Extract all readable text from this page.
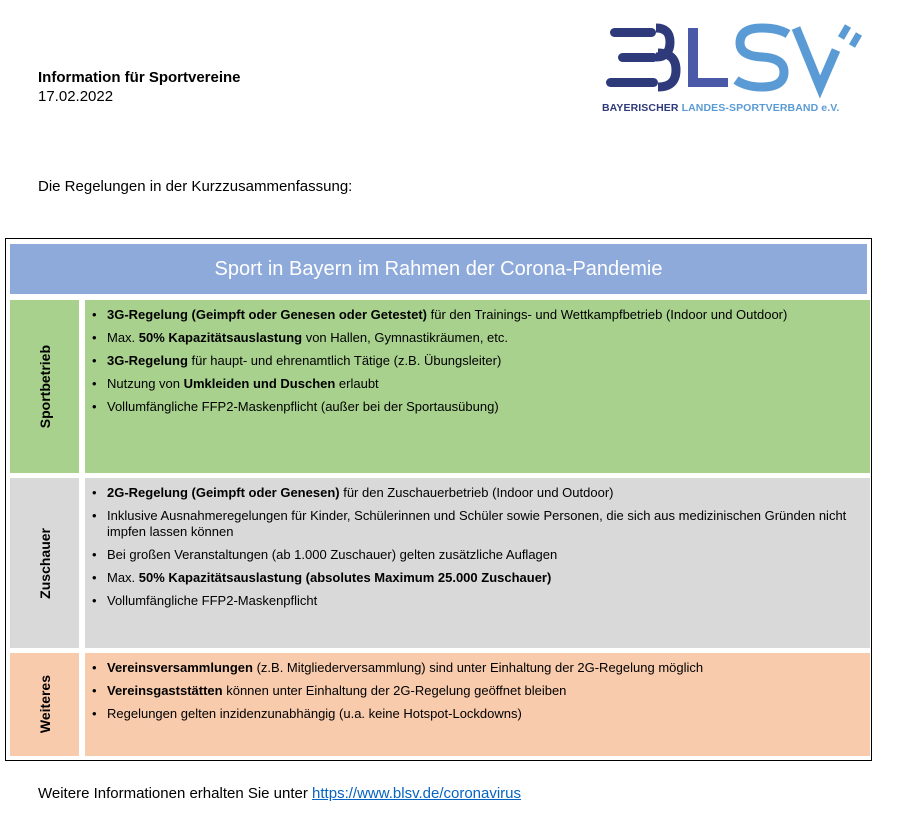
Information für Sportvereine
17.02.2022
BAYERISCHER LANDES-SPORTVERBAND e.V.
Die Regelungen in der Kurzzusammenfassung:
Sport in Bayern im Rahmen der Corona-Pandemie
Sportbetrieb
• 3G-Regelung (Geimpft oder Genesen oder Getestet) für den Trainings- und Wettkampfbetrieb (Indoor und Outdoor)
• Max. 50% Kapazitätsauslastung von Hallen, Gymnastikräumen, etc.
• 3G-Regelung für haupt- und ehrenamtlich Tätige (z.B. Übungsleiter)
• Nutzung von Umkleiden und Duschen erlaubt
• Vollumfängliche FFP2-Maskenpflicht (außer bei der Sportausübung)
Zuschauer
• 2G-Regelung (Geimpft oder Genesen) für den Zuschauerbetrieb (Indoor und Outdoor)
• Inklusive Ausnahmeregelungen für Kinder, Schülerinnen und Schüler sowie Personen, die sich aus medizinischen Gründen nicht impfen lassen können
• Bei großen Veranstaltungen (ab 1.000 Zuschauer) gelten zusätzliche Auflagen
• Max. 50% Kapazitätsauslastung (absolutes Maximum 25.000 Zuschauer)
• Vollumfängliche FFP2-Maskenpflicht
Weiteres
• Vereinsversammlungen (z.B. Mitgliederversammlung) sind unter Einhaltung der 2G-Regelung möglich
• Vereinsgaststätten können unter Einhaltung der 2G-Regelung geöffnet bleiben
• Regelungen gelten inzidenzunabhängig (u.a. keine Hotspot-Lockdowns)
Weitere Informationen erhalten Sie unter https://www.blsv.de/coronavirus
